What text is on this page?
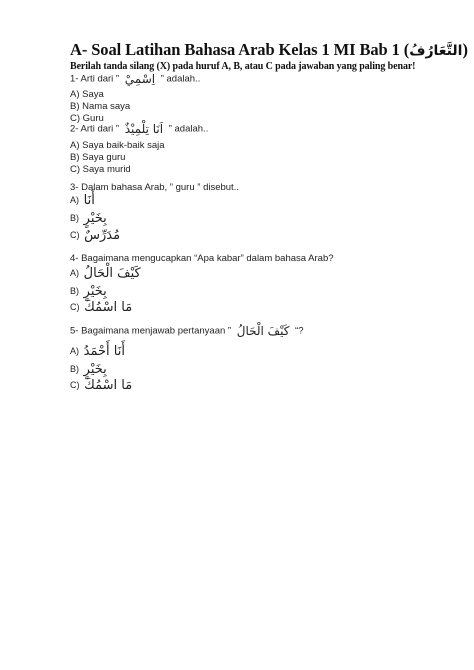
A- Soal Latihan Bahasa Arab Kelas 1 MI Bab 1 (التَّعَارُفُ)
Berilah tanda silang (X) pada huruf A, B, atau C pada jawaban yang paling benar!
1- Arti dari ” اِسْمِيْ ” adalah..
A) Saya
B) Nama saya
C) Guru
2- Arti dari ” اَنَا تِلْمِيْذٌ ” adalah..
A) Saya baik-baik saja
B) Saya guru
C) Saya murid
3- Dalam bahasa Arab, ” guru ” disebut..
A) أَنَا
B) بِخَيْرٍ
C) مُدَرِّسٌ
4- Bagaimana mengucapkan “Apa kabar” dalam bahasa Arab?
A) كَيْفَ الْحَالُ
B) بِخَيْرٍ
C) مَا اسْمُكَ
5- Bagaimana menjawab pertanyaan ” كَيْفَ الْحَالُ “?
A) أَنَا أَحْمَدُ
B) بِخَيْرٍ
C) مَا اسْمُكَ
